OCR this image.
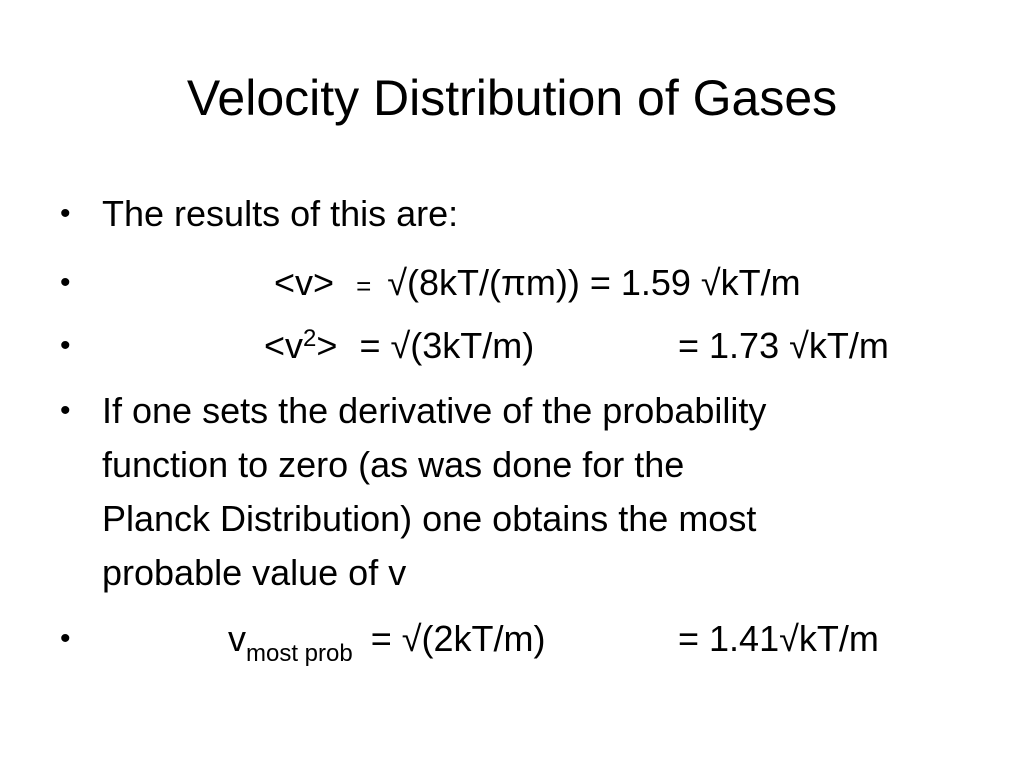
Velocity Distribution of Gases
• The results of this are:
•	<v> = √(8kT/(πm)) = 1.59 √kT/m
•	$<v^2> = √(3kT/m)$	= 1.73 √kT/m
• If one sets the derivative of the probability
function to zero (as was done for the
Planck Distribution) one obtains the most
probable value of v
•	$v_{most prob} = √(2kT/m)$	= 1.41√kT/m
